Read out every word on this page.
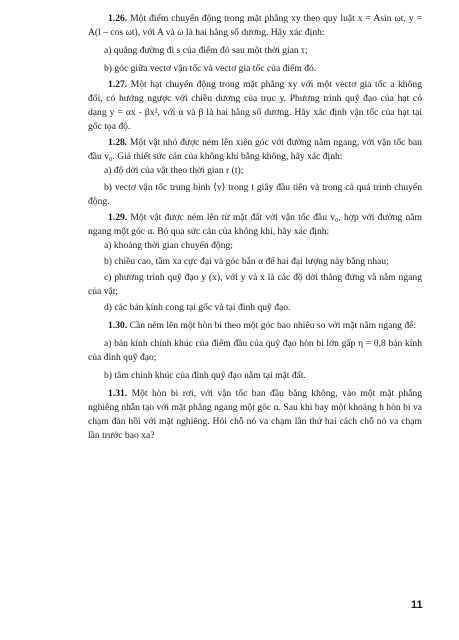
1.26. Một điểm chuyển động trong mặt phẳng xy theo quy luật x = Asin ωt, y = A(l – cos ωt), với A và ω là hai hằng số dương. Hãy xác định:

a) quãng đường đi s của điểm đó sau một thời gian τ;

b) góc giữa vectơ vận tốc và vectơ gia tốc của điểm đó.

1.27. Một hạt chuyển động trong mặt phẳng xy với một vectơ gia tốc a không đổi, có hướng ngược với chiều dương của trục y. Phương trình quỹ đạo của hạt có dạng y = αx - βx², với α và β là hai hằng số dương. Hãy xác định vận tốc của hạt tại gốc tọa độ.

1.28. Một vật nhỏ được ném lên xiên góc với đường nằm ngang, với vận tốc ban đầu v₀. Giả thiết sức cản của không khí bằng không, hãy xác định:

a) độ dời của vật theo thời gian r (t);

b) vectơ vận tốc trung bình ⟨v⟩ trong t giây đầu tiên và trong cả quá trình chuyển động.

1.29. Một vật được ném lên từ mặt đất với vận tốc đầu v₀, hợp với đường nằm ngang một góc α. Bỏ qua sức cản của không khí, hãy xác định:

a) khoảng thời gian chuyển động;

b) chiều cao, tầm xa cực đại và góc bắn α để hai đại lượng này bằng nhau;

c) phương trình quỹ đạo y (x), với y và x là các độ dời thẳng đứng và nằm ngang của vật;

d) các bán kính cong tại gốc và tại đỉnh quỹ đạo.

1.30. Cần ném lên một hòn bi theo một góc bao nhiêu so với mặt nằm ngang để:

a) bán kính chính khúc của điểm đầu của quỹ đạo hòn bi lớn gấp η = 0,8 bán kính của đỉnh quỹ đạo;

b) tâm chính khúc của đỉnh quỹ đạo nằm tại mặt đất.

1.31. Một hòn bi rơi, với vận tốc ban đầu bằng không, vào một mặt phẳng nghiêng nhẵn tạo với mặt phẳng ngang một góc α. Sau khi bay một khoảng h hòn bi va chạm đàn hồi với mặt nghiêng. Hỏi chỗ nó va chạm lần thứ hai cách chỗ nó va chạm lần trước bao xa?

11
